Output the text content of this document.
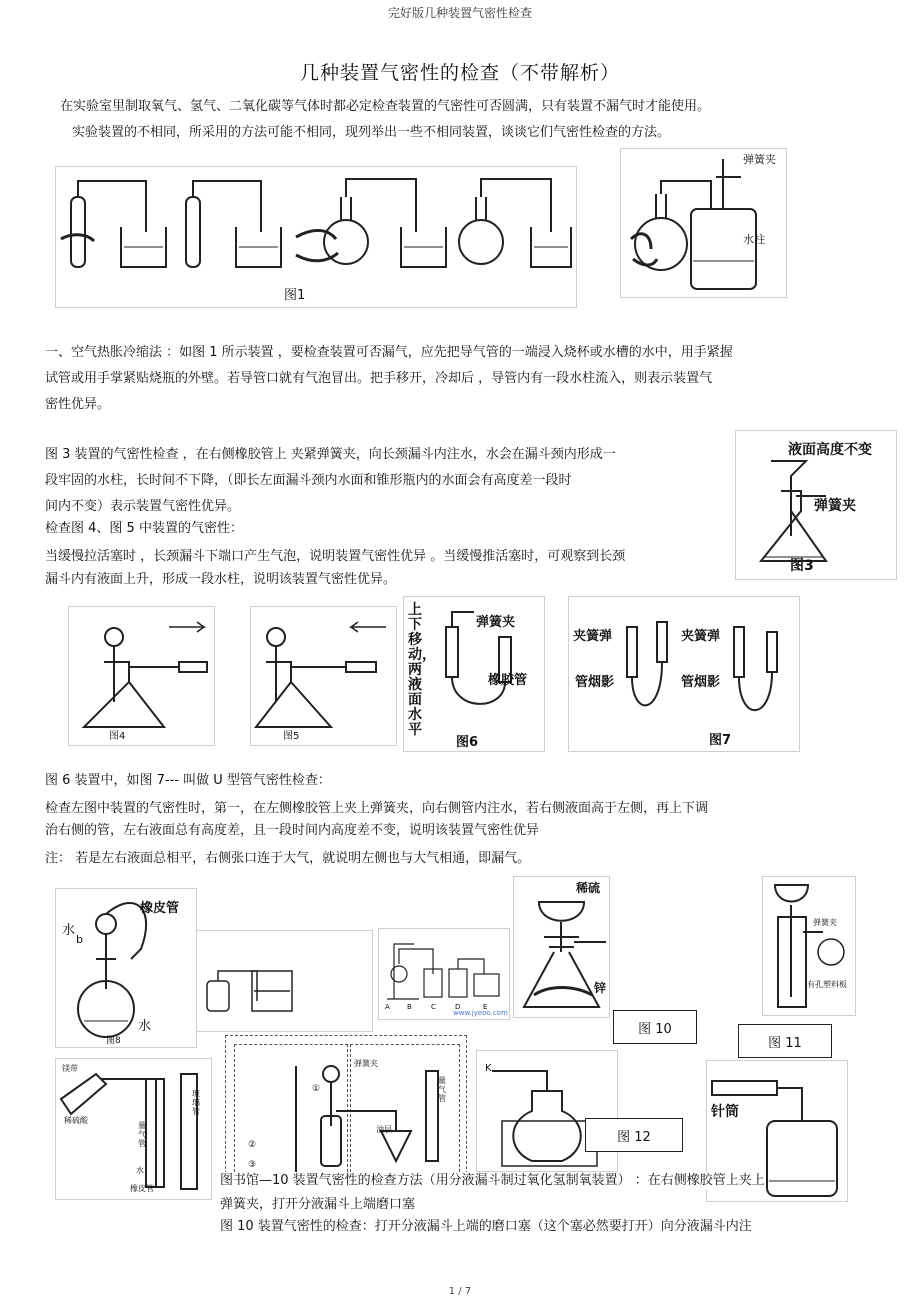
完好版几种装置气密性检查
几种装置气密性的检查（不带解析）
在实验室里制取氧气、氢气、二氧化碳等气体时都必定检查装置的气密性可否圆满，只有装置不漏气时才能使用。
实验装置的不相同，所采用的方法可能不相同，现列举出一些不相同装置，谈谈它们气密性检查的方法。
图1
弹簧夹
水柱
一、空气热胀冷缩法 ：如图 1 所示装置 ，要检查装置可否漏气，应先把导气管的一端浸入烧杯或水槽的水中，用手紧握
试管或用手掌紧贴烧瓶的外壁。若导管口就有气泡冒出。把手移开，冷却后 ，导管内有一段水柱流入，则表示装置气
密性优异。
液面高度不变
弹簧夹
图3
图 3 装置的气密性检查 ，在右侧橡胶管上 夹紧弹簧夹，向长颈漏斗内注水，水会在漏斗颈内形成一
段牢固的水柱，长时间不下降，（即长左面漏斗颈内水面和锥形瓶内的水面会有高度差一段时
间内不变）表示装置气密性优异。
检查图 4、图 5 中装置的气密性：
当缓慢拉活塞时 ，长颈漏斗下端口产生气泡，说明装置气密性优异 。当缓慢推活塞时，可观察到长颈
漏斗内有液面上升，形成一段水柱，说明该装置气密性优异。
图4	图5
上下移动，两液面水平
弹簧夹
橡胶管
图6
夹簧弹	夹簧弹
管烟影	管烟影
图7
图 6 装置中，如图 7--- 叫做 U 型管气密性检查：
检查左图中装置的气密性时，第一，在左侧橡胶管上夹上弹簧夹，向右侧管内注水，若右侧液面高于左侧，再上下调
治右侧的管，左右液面总有高度差，且一段时间内高度差不变，说明该装置气密性优异
注： 若是左右液面总相平，右侧张口连于大气，就说明左侧也与大气相通，即漏气。
橡皮管
水
b
水
图8
A B	C	D	E
www.jyeoo.com
稀硫
锌
图 10
弹簧夹
有孔塑料板
图 11
镁带
稀硫酸
量气管
玻璃管
水
橡皮管
弹簧夹
量气管
油层
①
②
③
K
图 12
针筒
图书馆—10 装置气密性的检查方法（用分液漏斗制过氧化氢制氧装置） ：在右侧橡胶管上夹上
弹簧夹，打开分液漏斗上端磨口塞
图 10 装置气密性的检查：打开分液漏斗上端的磨口塞（这个塞必然要打开）向分液漏斗内注
1 / 7
